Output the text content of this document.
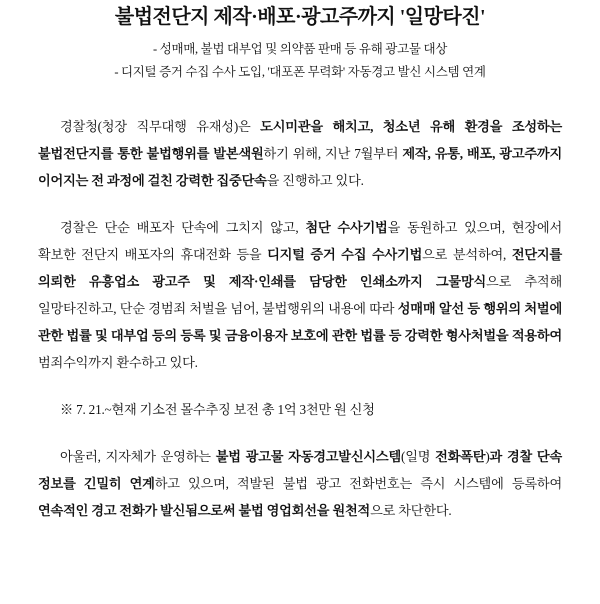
불법전단지 제작·배포·광고주까지 '일망타진'
- 성매매, 불법 대부업 및 의약품 판매 등 유해 광고물 대상
- 디지털 증거 수집 수사 도입, '대포폰 무력화' 자동경고 발신 시스템 연계

경찰청(청장 직무대행 유재성)은 도시미관을 해치고, 청소년 유해 환경을 조성하는 불법전단지를 통한 불법행위를 발본색원하기 위해, 지난 7월부터 제작, 유통, 배포, 광고주까지 이어지는 전 과정에 걸친 강력한 집중단속을 진행하고 있다.

경찰은 단순 배포자 단속에 그치지 않고, 첨단 수사기법을 동원하고 있으며, 현장에서 확보한 전단지 배포자의 휴대전화 등을 디지털 증거 수집 수사기법으로 분석하여, 전단지를 의뢰한 유흥업소 광고주 및 제작·인쇄를 담당한 인쇄소까지 그물망식으로 추적해 일망타진하고, 단순 경범죄 처벌을 넘어, 불법행위의 내용에 따라 성매매 알선 등 행위의 처벌에 관한 법률 및 대부업 등의 등록 및 금융이용자 보호에 관한 법률 등 강력한 형사처벌을 적용하여 범죄수익까지 환수하고 있다.

※ 7. 21.~현재 기소전 몰수추징 보전 총 1억 3천만 원 신청

아울러, 지자체가 운영하는 불법 광고물 자동경고발신시스템(일명 전화폭탄)과 경찰 단속 정보를 긴밀히 연계하고 있으며, 적발된 불법 광고 전화번호는 즉시 시스템에 등록하여 연속적인 경고 전화가 발신됨으로써 불법 영업회선을 원천적으로 차단한다.
